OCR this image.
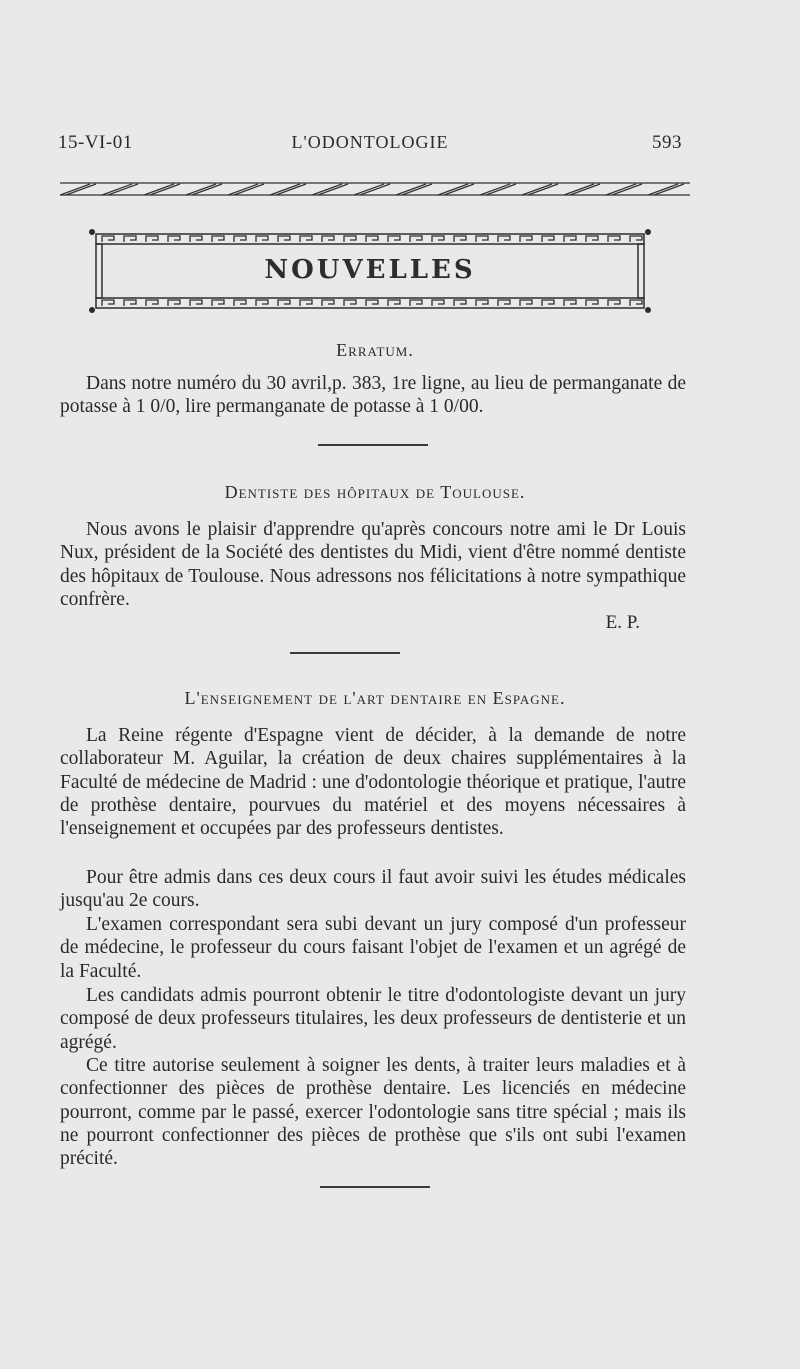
15-VI-01	L'ODONTOLOGIE	593
NOUVELLES
Erratum.

Dans notre numéro du 30 avril,p. 383, 1re ligne, au lieu de permanganate de potasse à 1 0/0, lire permanganate de potasse à 1 0/00.

Dentiste des hôpitaux de Toulouse.

Nous avons le plaisir d'apprendre qu'après concours notre ami le Dr Louis Nux, président de la Société des dentistes du Midi, vient d'être nommé dentiste des hôpitaux de Toulouse. Nous adressons nos félicitations à notre sympathique confrère.

E. P.
L'enseignement de l'art dentaire en Espagne.

La Reine régente d'Espagne vient de décider, à la demande de notre collaborateur M. Aguilar, la création de deux chaires supplémentaires à la Faculté de médecine de Madrid : une d'odontologie théorique et pratique, l'autre de prothèse dentaire, pourvues du matériel et des moyens nécessaires à l'enseignement et occupées par des professeurs dentistes.

Pour être admis dans ces deux cours il faut avoir suivi les études médicales jusqu'au 2e cours.

L'examen correspondant sera subi devant un jury composé d'un professeur de médecine, le professeur du cours faisant l'objet de l'examen et un agrégé de la Faculté.

Les candidats admis pourront obtenir le titre d'odontologiste devant un jury composé de deux professeurs titulaires, les deux professeurs de dentisterie et un agrégé.

Ce titre autorise seulement à soigner les dents, à traiter leurs maladies et à confectionner des pièces de prothèse dentaire. Les licenciés en médecine pourront, comme par le passé, exercer l'odontologie sans titre spécial ; mais ils ne pourront confectionner des pièces de prothèse que s'ils ont subi l'examen précité.
